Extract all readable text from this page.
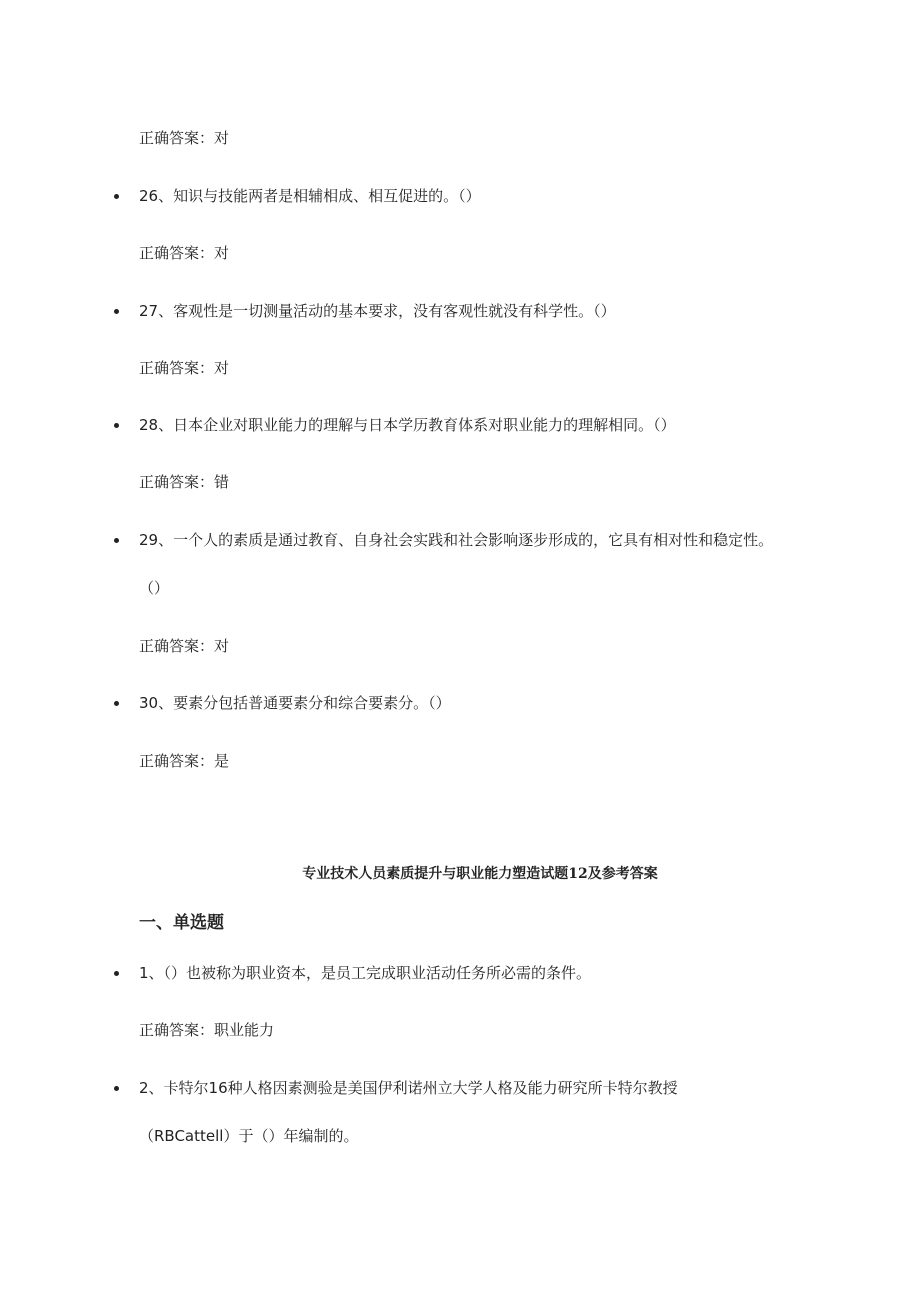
正确答案：对
26、知识与技能两者是相辅相成、相互促进的。（）
正确答案：对
27、客观性是一切测量活动的基本要求，没有客观性就没有科学性。（）
正确答案：对
28、日本企业对职业能力的理解与日本学历教育体系对职业能力的理解相同。（）
正确答案：错
29、一个人的素质是通过教育、自身社会实践和社会影响逐步形成的，它具有相对性和稳定性。
（）
正确答案：对
30、要素分包括普通要素分和综合要素分。（）
正确答案：是
专业技术人员素质提升与职业能力塑造试题12及参考答案
一、单选题
1、（）也被称为职业资本，是员工完成职业活动任务所必需的条件。
正确答案：职业能力
2、卡特尔16种人格因素测验是美国伊利诺州立大学人格及能力研究所卡特尔教授
（RBCattell）于（）年编制的。
